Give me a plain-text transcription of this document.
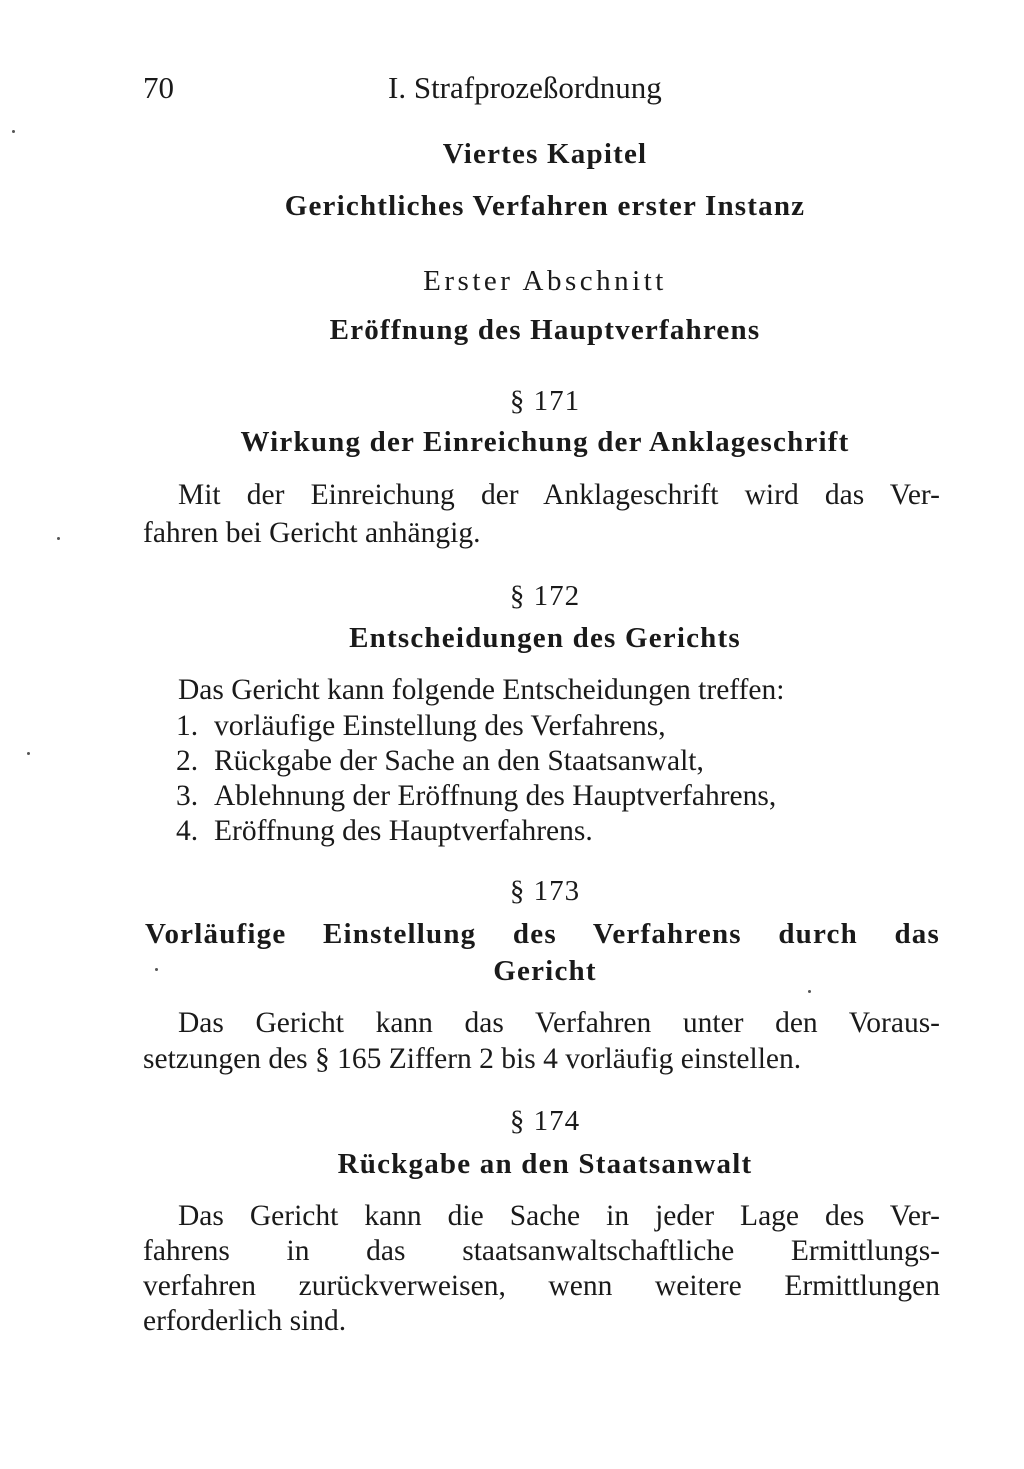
70	I. Strafprozeßordnung
Viertes Kapitel
Gerichtliches Verfahren erster Instanz
Erster Abschnitt
Eröffnung des Hauptverfahrens
§ 171
Wirkung der Einreichung der Anklageschrift
Mit der Einreichung der Anklageschrift wird das Ver-
fahren bei Gericht anhängig.
§ 172
Entscheidungen des Gerichts
Das Gericht kann folgende Entscheidungen treffen:
1. vorläufige Einstellung des Verfahrens,
2. Rückgabe der Sache an den Staatsanwalt,
3. Ablehnung der Eröffnung des Hauptverfahrens,
4. Eröffnung des Hauptverfahrens.
§ 173
Vorläufige Einstellung des Verfahrens durch das
Gericht
Das Gericht kann das Verfahren unter den Voraus-
setzungen des § 165 Ziffern 2 bis 4 vorläufig einstellen.
§ 174
Rückgabe an den Staatsanwalt
Das Gericht kann die Sache in jeder Lage des Ver-
fahrens in das staatsanwaltschaftliche Ermittlungs-
verfahren zurückverweisen, wenn weitere Ermittlungen
erforderlich sind.
